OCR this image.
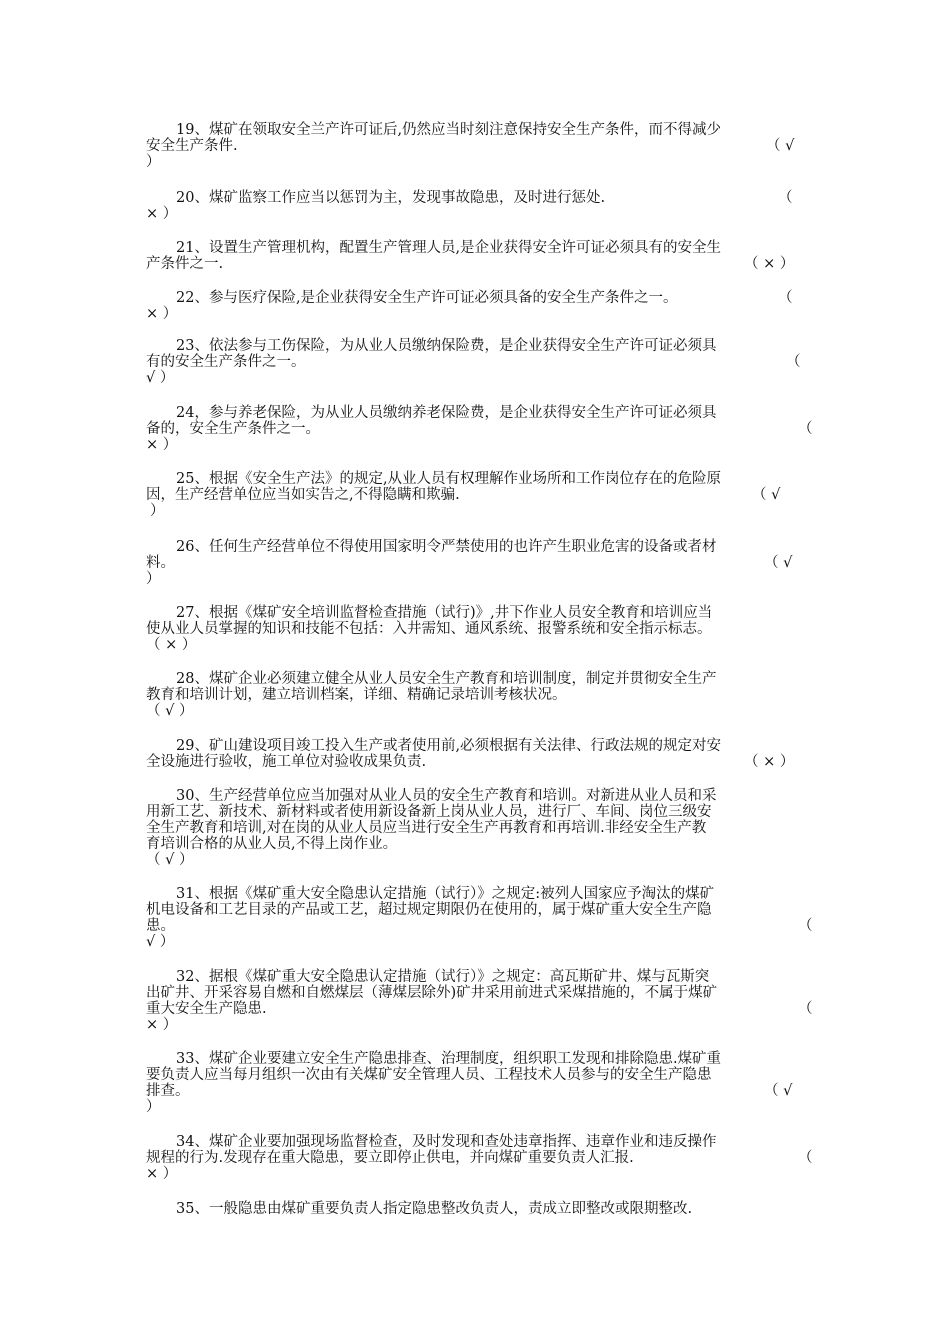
19、煤矿在领取安全兰产许可证后,仍然应当时刻注意保持安全生产条件，而不得减少
安全生产条件.	（ √
）
20、煤矿监察工作应当以惩罚为主，发现事故隐患，及时进行惩处.	（
× ）
21、设置生产管理机构，配置生产管理人员,是企业获得安全许可证必须具有的安全生
产条件之一.	（ × ）
22、参与医疗保险,是企业获得安全生产许可证必须具备的安全生产条件之一。	（
× ）
23、依法参与工伤保险，为从业人员缴纳保险费，是企业获得安全生产许可证必须具
有的安全生产条件之一。	（
√ ）
24，参与养老保险，为从业人员缴纳养老保险费，是企业获得安全生产许可证必须具
备的，安全生产条件之一。	（
× ）
25、根据《安全生产法》的规定,从业人员有权理解作业场所和工作岗位存在的危险原
因，生产经营单位应当如实告之,不得隐瞒和欺骗.	（ √
）
26、任何生产经营单位不得使用国家明令严禁使用的也许产生职业危害的设备或者材
料。	（ √
）
27、根据《煤矿安全培训监督检查措施（试行)》,井下作业人员安全教育和培训应当
使从业人员掌握的知识和技能不包括：入井需知、通风系统、报警系统和安全指示标志。
（ × ）
28、煤矿企业必须建立健全从业人员安全生产教育和培训制度，制定并贯彻安全生产
教育和培训计划，建立培训档案，详细、精确记录培训考核状况。
（ √ ）
29、矿山建设项目竣工投入生产或者使用前,必须根据有关法律、行政法规的规定对安
全设施进行验收，施工单位对验收成果负责.	（ × ）
30、生产经营单位应当加强对从业人员的安全生产教育和培训。对新进从业人员和采
用新工艺、新技术、新材料或者使用新设备新上岗从业人员，进行厂、车间、岗位三级安
全生产教育和培训,对在岗的从业人员应当进行安全生产再教育和再培训.非经安全生产教
育培训合格的从业人员,不得上岗作业。
（ √ ）
31、根据《煤矿重大安全隐患认定措施（试行）》之规定:被列人国家应予淘汰的煤矿
机电设备和工艺目录的产品或工艺，超过规定期限仍在使用的，属于煤矿重大安全生产隐
患。	（
√ ）
32、据根《煤矿重大安全隐患认定措施（试行）》之规定：高瓦斯矿井、煤与瓦斯突
出矿井、开采容易自燃和自燃煤层（薄煤层除外)矿井采用前进式采煤措施的，不属于煤矿
重大安全生产隐患.	（
× ）
33、煤矿企业要建立安全生产隐患排查、治理制度，组织职工发现和排除隐患.煤矿重
要负责人应当每月组织一次由有关煤矿安全管理人员、工程技术人员参与的安全生产隐患
排查。	（ √
）
34、煤矿企业要加强现场监督检查，及时发现和查处违章指挥、违章作业和违反操作
规程的行为.发现存在重大隐患，要立即停止供电，并向煤矿重要负责人汇报.	（
× ）
35、一般隐患由煤矿重要负责人指定隐患整改负责人，责成立即整改或限期整改.
